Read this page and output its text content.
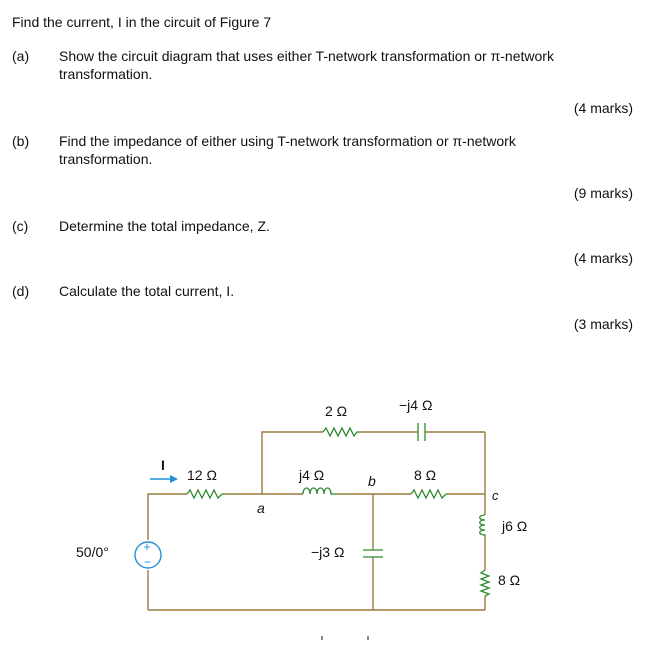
Find the current, I in the circuit of Figure 7
(a) Show the circuit diagram that uses either T-network transformation or π-network transformation.
(4 marks)
(b) Find the impedance of either using T-network transformation or π-network transformation.
(9 marks)
(c) Determine the total impedance, Z.
(4 marks)
(d) Calculate the total current, I.
(3 marks)
+
−
2 Ω	−j4 Ω
12 Ω	j4 Ω	b	8 Ω
c
a
I
50/0°	−j3 Ω
j6 Ω
8 Ω
